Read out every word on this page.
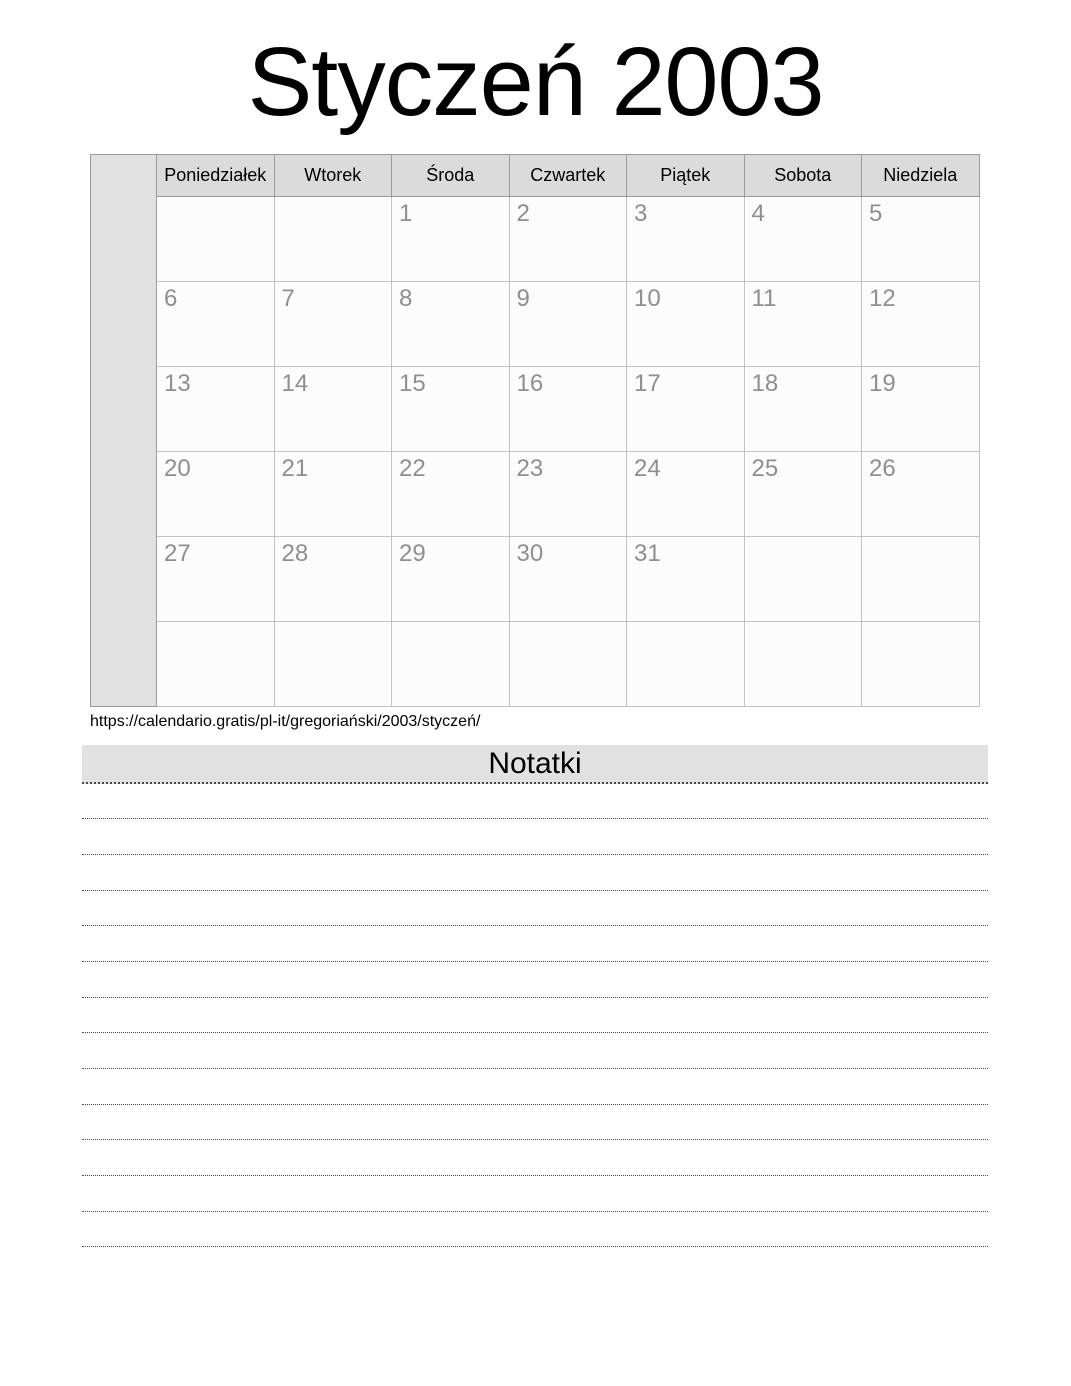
Styczeń 2003
	Poniedziałek	Wtorek	Środa	Czwartek	Piątek	Sobota	Niedziela
			1	2	3	4	5
	6	7	8	9	10	11	12
	13	14	15	16	17	18	19
	20	21	22	23	24	25	26
	27	28	29	30	31		

https://calendario.gratis/pl-it/gregoriański/2003/styczeń/
Notatki
